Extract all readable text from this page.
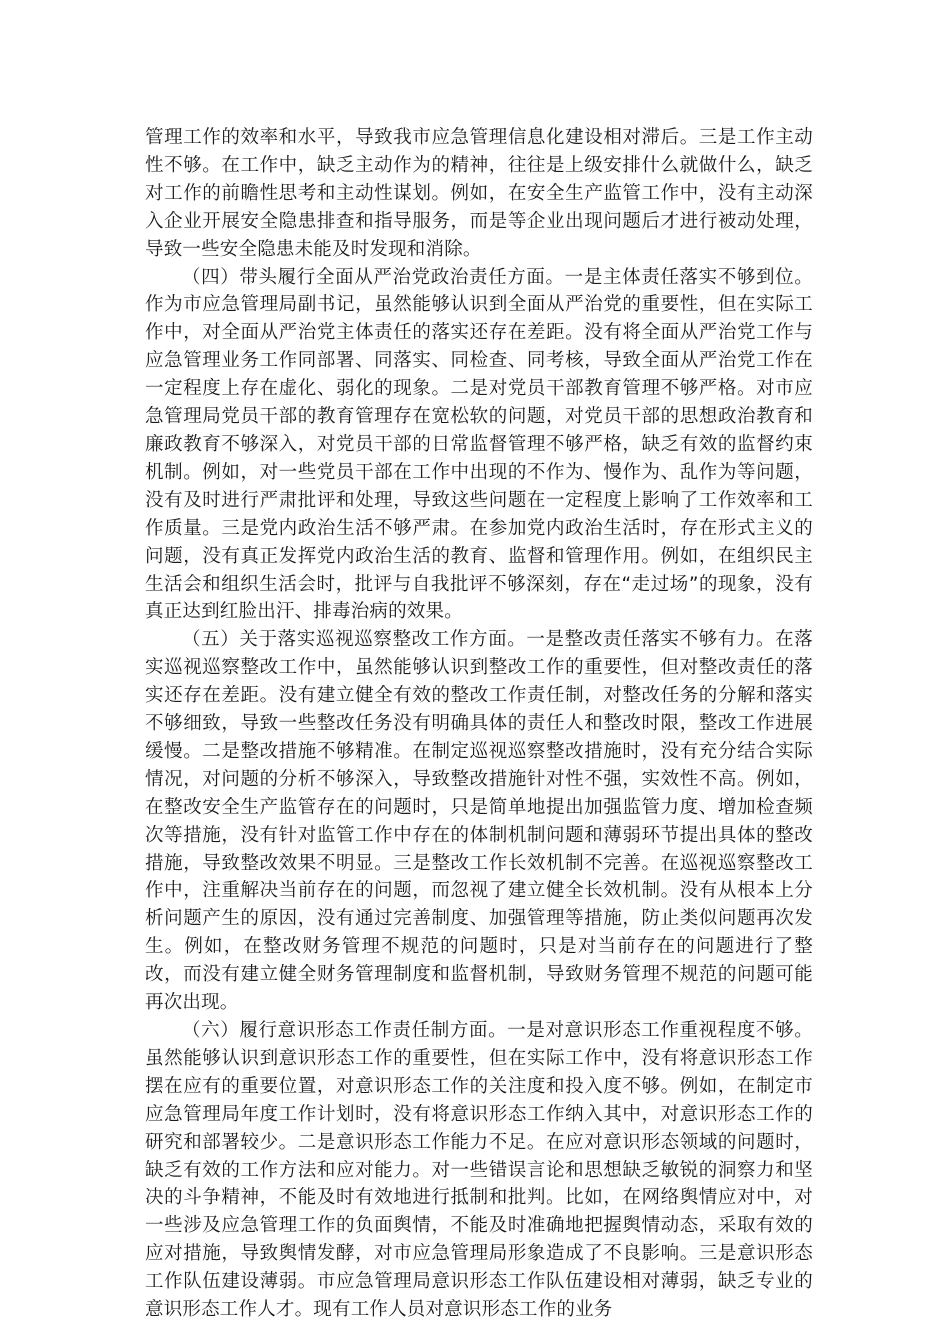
管理工作的效率和水平，导致我市应急管理信息化建设相对滞后。三是工作主动性不够。在工作中，缺乏主动作为的精神，往往是上级安排什么就做什么，缺乏对工作的前瞻性思考和主动性谋划。例如，在安全生产监管工作中，没有主动深入企业开展安全隐患排查和指导服务，而是等企业出现问题后才进行被动处理，导致一些安全隐患未能及时发现和消除。

（四）带头履行全面从严治党政治责任方面。一是主体责任落实不够到位。作为市应急管理局副书记，虽然能够认识到全面从严治党的重要性，但在实际工作中，对全面从严治党主体责任的落实还存在差距。没有将全面从严治党工作与应急管理业务工作同部署、同落实、同检查、同考核，导致全面从严治党工作在一定程度上存在虚化、弱化的现象。二是对党员干部教育管理不够严格。对市应急管理局党员干部的教育管理存在宽松软的问题，对党员干部的思想政治教育和廉政教育不够深入，对党员干部的日常监督管理不够严格，缺乏有效的监督约束机制。例如，对一些党员干部在工作中出现的不作为、慢作为、乱作为等问题，没有及时进行严肃批评和处理，导致这些问题在一定程度上影响了工作效率和工作质量。三是党内政治生活不够严肃。在参加党内政治生活时，存在形式主义的问题，没有真正发挥党内政治生活的教育、监督和管理作用。例如，在组织民主生活会和组织生活会时，批评与自我批评不够深刻，存在“走过场”的现象，没有真正达到红脸出汗、排毒治病的效果。

（五）关于落实巡视巡察整改工作方面。一是整改责任落实不够有力。在落实巡视巡察整改工作中，虽然能够认识到整改工作的重要性，但对整改责任的落实还存在差距。没有建立健全有效的整改工作责任制，对整改任务的分解和落实不够细致，导致一些整改任务没有明确具体的责任人和整改时限，整改工作进展缓慢。二是整改措施不够精准。在制定巡视巡察整改措施时，没有充分结合实际情况，对问题的分析不够深入，导致整改措施针对性不强，实效性不高。例如，在整改安全生产监管存在的问题时，只是简单地提出加强监管力度、增加检查频次等措施，没有针对监管工作中存在的体制机制问题和薄弱环节提出具体的整改措施，导致整改效果不明显。三是整改工作长效机制不完善。在巡视巡察整改工作中，注重解决当前存在的问题，而忽视了建立健全长效机制。没有从根本上分析问题产生的原因，没有通过完善制度、加强管理等措施，防止类似问题再次发生。例如，在整改财务管理不规范的问题时，只是对当前存在的问题进行了整改，而没有建立健全财务管理制度和监督机制，导致财务管理不规范的问题可能再次出现。

（六）履行意识形态工作责任制方面。一是对意识形态工作重视程度不够。虽然能够认识到意识形态工作的重要性，但在实际工作中，没有将意识形态工作摆在应有的重要位置，对意识形态工作的关注度和投入度不够。例如，在制定市应急管理局年度工作计划时，没有将意识形态工作纳入其中，对意识形态工作的研究和部署较少。二是意识形态工作能力不足。在应对意识形态领域的问题时，缺乏有效的工作方法和应对能力。对一些错误言论和思想缺乏敏锐的洞察力和坚决的斗争精神，不能及时有效地进行抵制和批判。比如，在网络舆情应对中，对一些涉及应急管理工作的负面舆情，不能及时准确地把握舆情动态，采取有效的应对措施，导致舆情发酵，对市应急管理局形象造成了不良影响。三是意识形态工作队伍建设薄弱。市应急管理局意识形态工作队伍建设相对薄弱，缺乏专业的意识形态工作人才。现有工作人员对意识形态工作的业务
